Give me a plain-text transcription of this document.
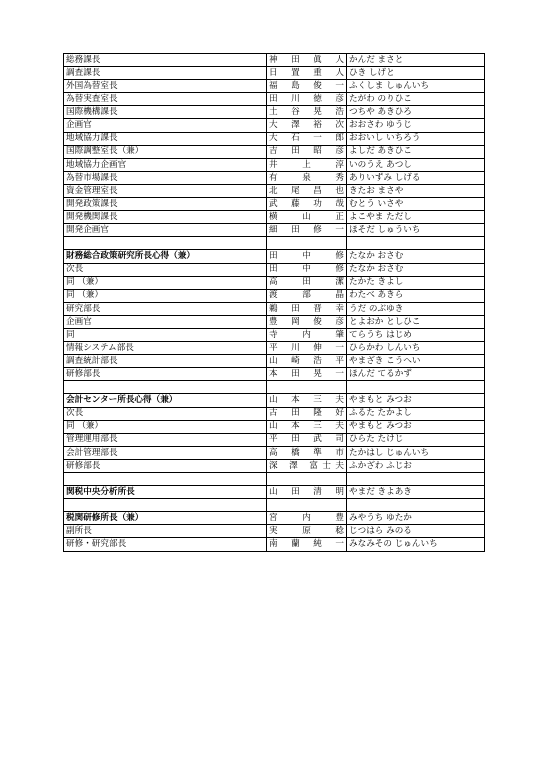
総務課長	神 田 眞 人	かんだ まさと
調査課長	日 置 重 人	ひき しげと
外国為替室長	福 島 俊 一	ふくしま しゅんいち
為替実査室長	田 川 徳 彦	たがわ のりひこ
国際機構課長	土 谷 晃 浩	つちや あきひろ
企画官	大 澤 裕 次	おおさわ ゆうじ
地域協力課長	大 石 一 郎	おおいし いちろう
国際調整室長（兼）	吉 田 昭 彦	よしだ あきひこ
地域協力企画官	井 上 淳	いのうえ あつし
為替市場課長	有 泉 秀	ありいずみ しげる
資金管理室長	北 尾 昌 也	きたお まさや
開発政策課長	武 藤 功 哉	むとう いさや
開発機関課長	横 山 正	よこやま ただし
開発企画官	細 田 修 一	ほそだ しゅういち

財務総合政策研究所長心得（兼）	田 中 修	たなか おさむ
次長	田 中 修	たなか おさむ
同 （兼）	高 田 潔	たかた きよし
同 （兼）	渡 部 晶	わたべ あきら
研究部長	鵜 田 晋 幸	うだ のぶゆき
企画官	豊 岡 俊 彦	とよおか としひこ
同	寺 内 肇	てらうち はじめ
情報システム部長	平 川 伸 一	ひらかわ しんいち
調査統計部長	山 崎 浩 平	やまざき こうへい
研修部長	本 田 晃 一	ほんだ てるかず

会計センター所長心得（兼）	山 本 三 夫	やまもと みつお
次長	古 田 隆 好	ふるた たかよし
同 （兼）	山 本 三 夫	やまもと みつお
管理運用部長	平 田 武 司	ひらた たけじ
会計管理部長	高 橋 準 市	たかはし じゅんいち
研修部長	深 澤 富士夫	ふかざわ ふじお

関税中央分析所長	山 田 清 明	やまだ きよあき

税関研修所長（兼）	宮 内 豊	みやうち ゆたか
副所長	実 原 稔	じつはら みのる
研修・研究部長	南 蘭 純 一	みなみその じゅんいち
